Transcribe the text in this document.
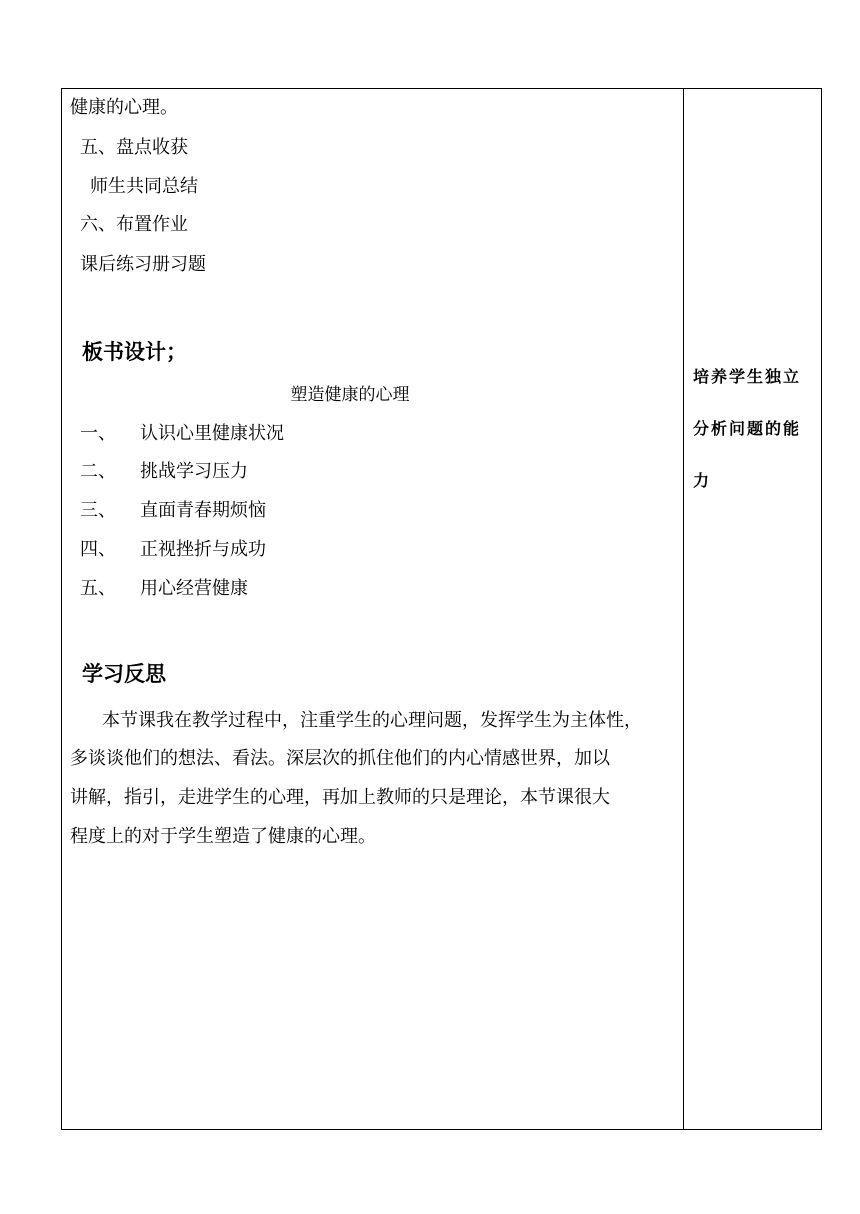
健康的心理。
五、盘点收获
师生共同总结
六、布置作业
课后练习册习题
板书设计；
塑造健康的心理
一、 认识心里健康状况
二、 挑战学习压力
三、 直面青春期烦恼
四、 正视挫折与成功
五、 用心经营健康
学习反思
本节课我在教学过程中，注重学生的心理问题，发挥学生为主体性，
多谈谈他们的想法、看法。深层次的抓住他们的内心情感世界，加以
讲解，指引，走进学生的心理，再加上教师的只是理论，本节课很大
程度上的对于学生塑造了健康的心理。
培养学生独立
分析问题的能
力
